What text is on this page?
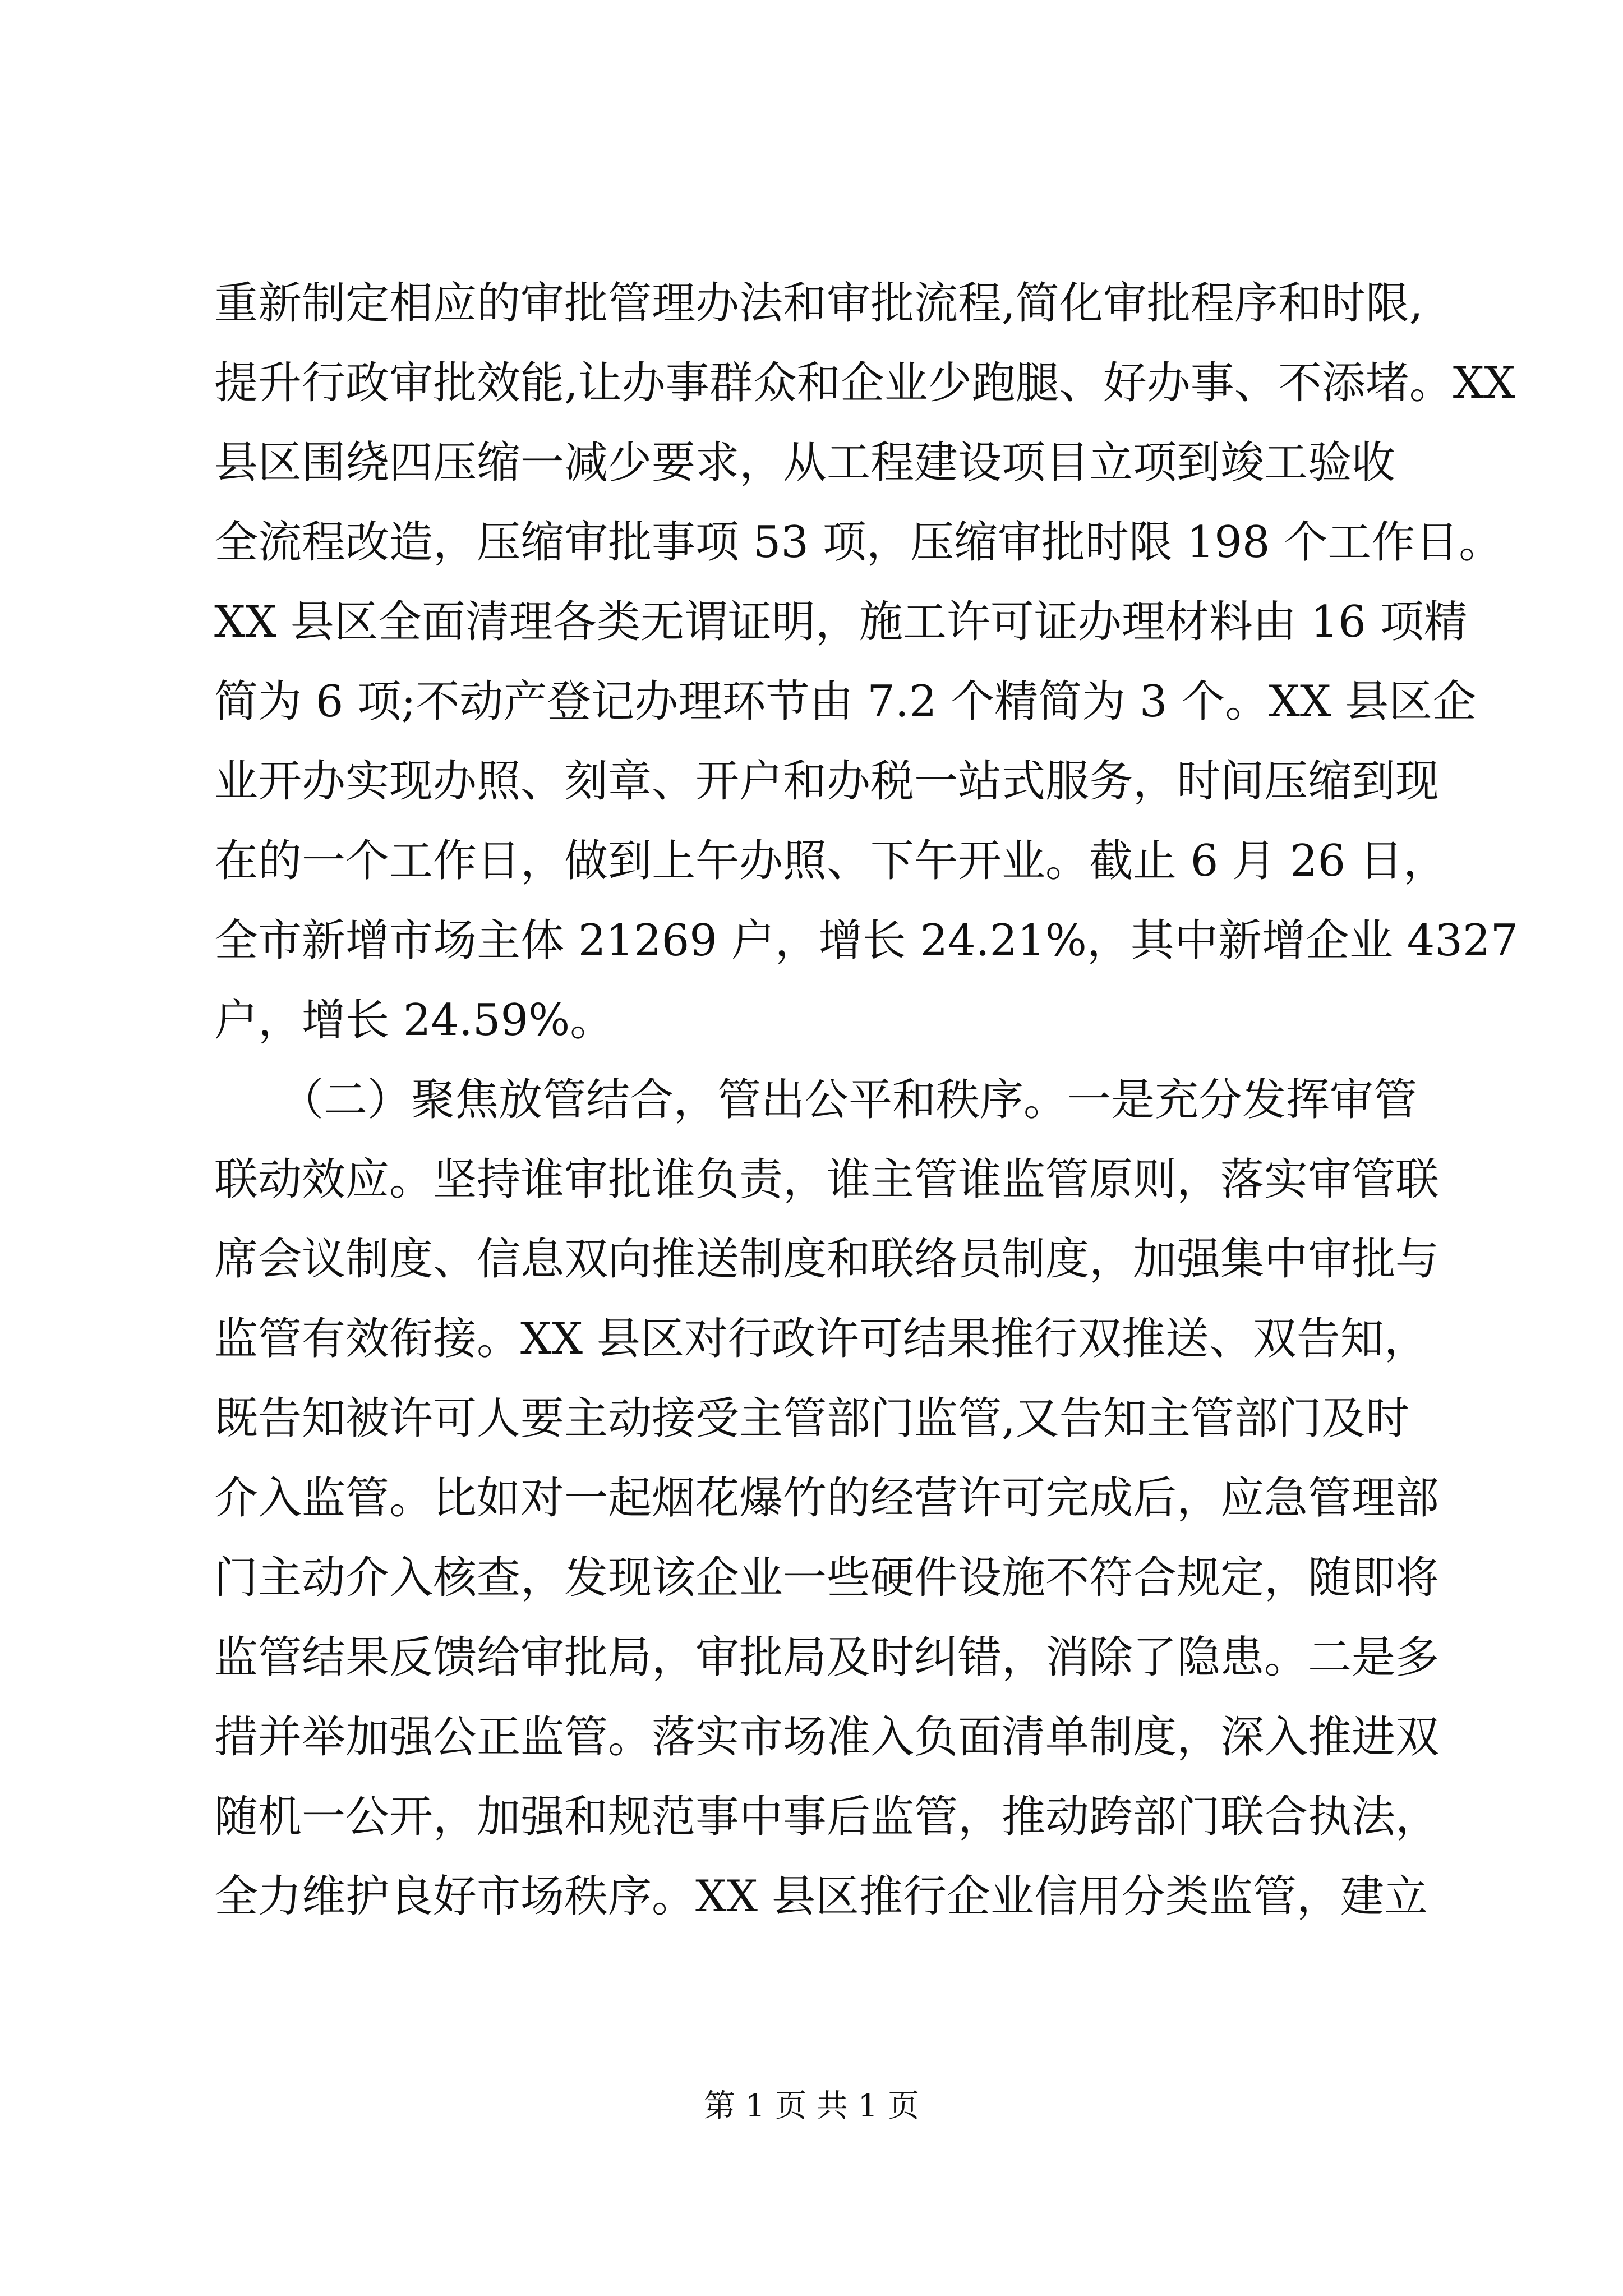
重新制定相应的审批管理办法和审批流程,简化审批程序和时限,
提升行政审批效能,让办事群众和企业少跑腿、好办事、不添堵。XX
县区围绕四压缩一减少要求，从工程建设项目立项到竣工验收
全流程改造，压缩审批事项 53 项，压缩审批时限 198 个工作日。
XX 县区全面清理各类无谓证明，施工许可证办理材料由 16 项精
简为 6 项;不动产登记办理环节由 7.2 个精简为 3 个。XX 县区企
业开办实现办照、刻章、开户和办税一站式服务，时间压缩到现
在的一个工作日，做到上午办照、下午开业。截止 6 月 26 日，
全市新增市场主体 21269 户，增长 24.21%，其中新增企业 4327
户，增长 24.59%。
　　（二）聚焦放管结合，管出公平和秩序。一是充分发挥审管
联动效应。坚持谁审批谁负责，谁主管谁监管原则，落实审管联
席会议制度、信息双向推送制度和联络员制度，加强集中审批与
监管有效衔接。XX 县区对行政许可结果推行双推送、双告知，
既告知被许可人要主动接受主管部门监管,又告知主管部门及时
介入监管。比如对一起烟花爆竹的经营许可完成后，应急管理部
门主动介入核查，发现该企业一些硬件设施不符合规定，随即将
监管结果反馈给审批局，审批局及时纠错，消除了隐患。二是多
措并举加强公正监管。落实市场准入负面清单制度，深入推进双
随机一公开，加强和规范事中事后监管，推动跨部门联合执法，
全力维护良好市场秩序。XX 县区推行企业信用分类监管，建立
第 1 页 共 1 页
